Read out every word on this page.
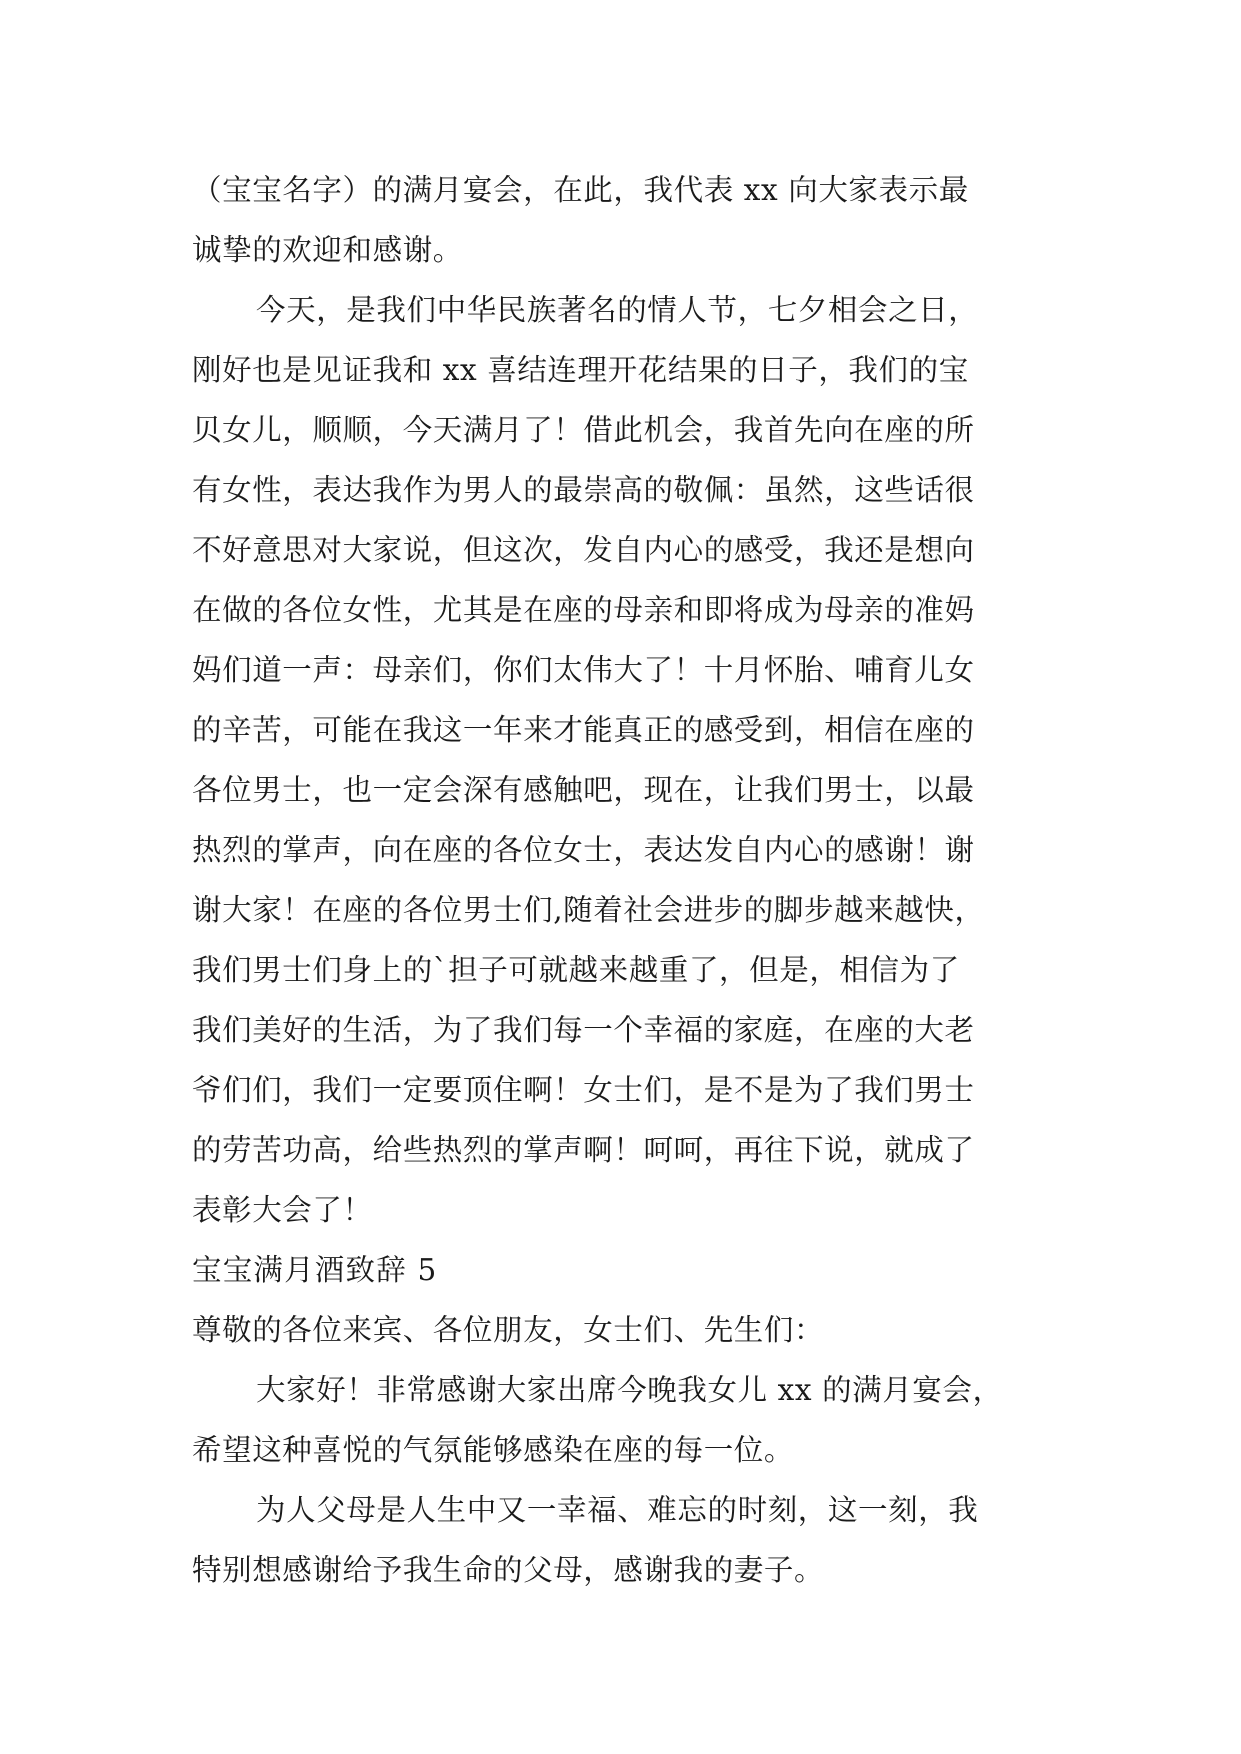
（宝宝名字）的满月宴会，在此，我代表 xx 向大家表示最
诚挚的欢迎和感谢。
今天，是我们中华民族著名的情人节，七夕相会之日，
刚好也是见证我和 xx 喜结连理开花结果的日子，我们的宝
贝女儿，顺顺，今天满月了！借此机会，我首先向在座的所
有女性，表达我作为男人的最崇高的敬佩：虽然，这些话很
不好意思对大家说，但这次，发自内心的感受，我还是想向
在做的各位女性，尤其是在座的母亲和即将成为母亲的准妈
妈们道一声：母亲们，你们太伟大了！十月怀胎、哺育儿女
的辛苦，可能在我这一年来才能真正的感受到，相信在座的
各位男士，也一定会深有感触吧，现在，让我们男士，以最
热烈的掌声，向在座的各位女士，表达发自内心的感谢！谢
谢大家！在座的各位男士们,随着社会进步的脚步越来越快，
我们男士们身上的`担子可就越来越重了，但是，相信为了
我们美好的生活，为了我们每一个幸福的家庭，在座的大老
爷们们，我们一定要顶住啊！女士们，是不是为了我们男士
的劳苦功高，给些热烈的掌声啊！呵呵，再往下说，就成了
表彰大会了！
宝宝满月酒致辞 5
尊敬的各位来宾、各位朋友，女士们、先生们：
大家好！非常感谢大家出席今晚我女儿 xx 的满月宴会，
希望这种喜悦的气氛能够感染在座的每一位。
为人父母是人生中又一幸福、难忘的时刻，这一刻，我
特别想感谢给予我生命的父母，感谢我的妻子。
